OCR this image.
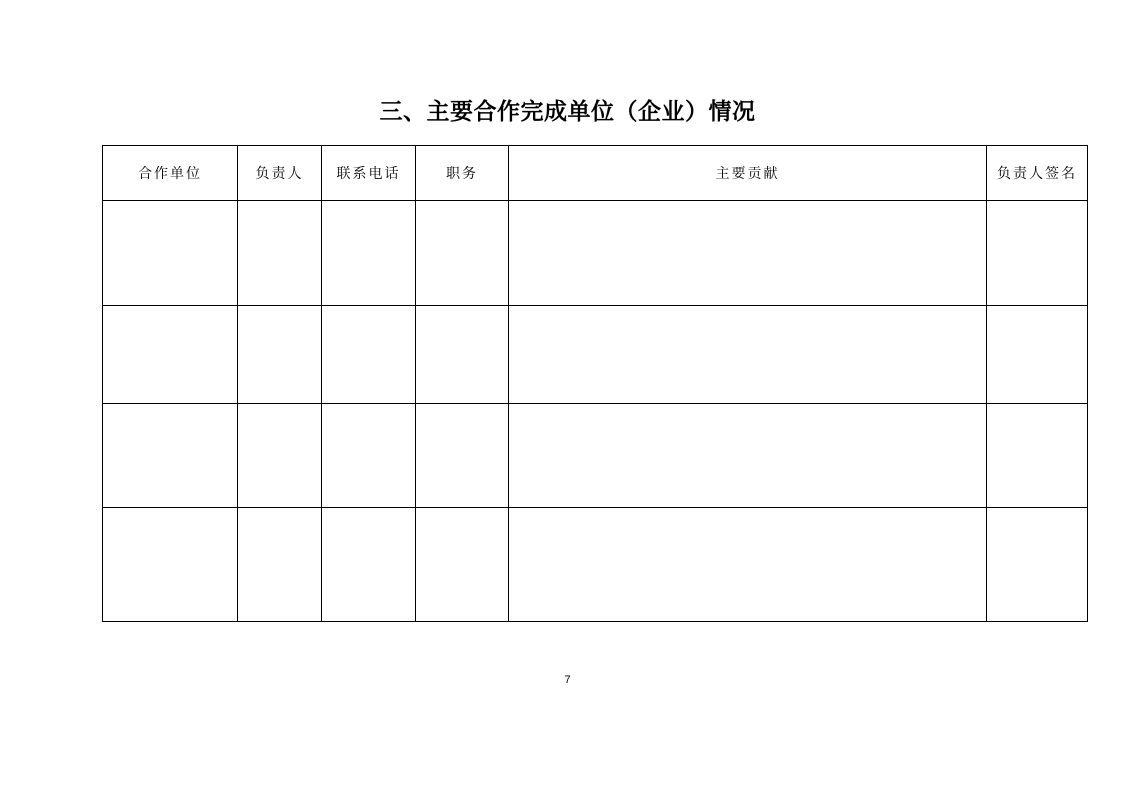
三、主要合作完成单位（企业）情况
合作单位	负责人	联系电话	职务	主要贡献	负责人签名

7
